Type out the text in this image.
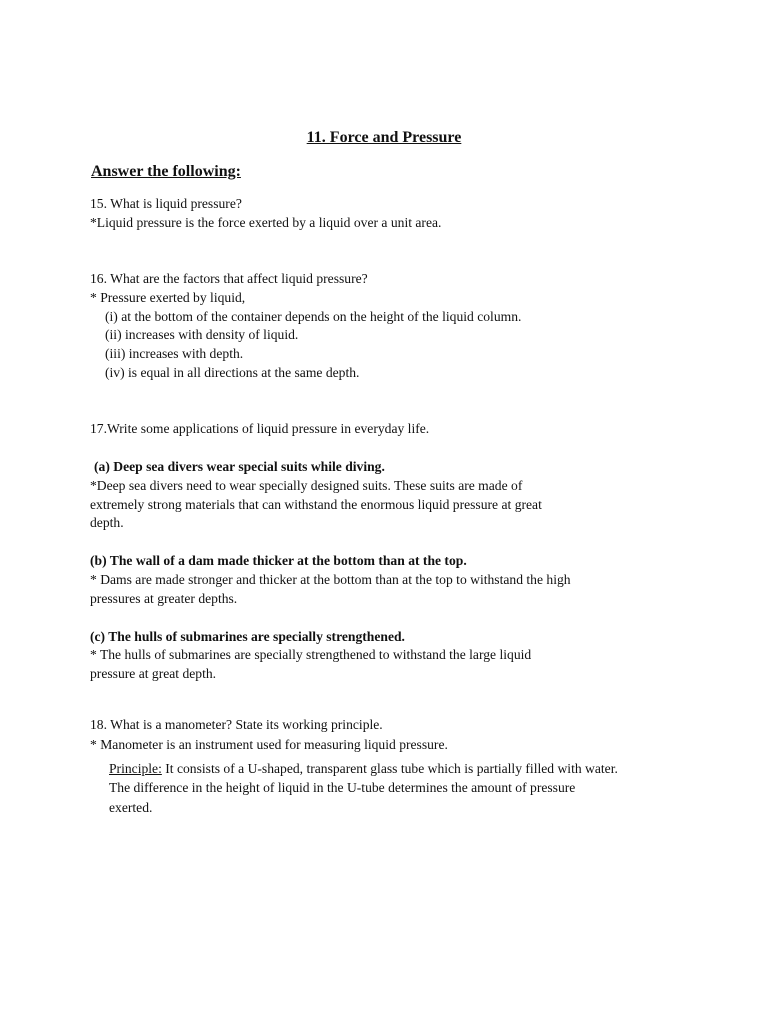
11. Force and Pressure

Answer the following:

15. What is liquid pressure?

*Liquid pressure is the force exerted by a liquid over a unit area.

16. What are the factors that affect liquid pressure?

* Pressure exerted by liquid,

(i) at the bottom of the container depends on the height of the liquid column.

(ii) increases with density of liquid.

(iii) increases with depth.

(iv) is equal in all directions at the same depth.

17.Write some applications of liquid pressure in everyday life.

(a) Deep sea divers wear special suits while diving.

*Deep sea divers need to wear specially designed suits. These suits are made of

extremely strong materials that can withstand the enormous liquid pressure at great

depth.

(b) The wall of a dam made thicker at the bottom than at the top.

* Dams are made stronger and thicker at the bottom than at the top to withstand the high

pressures at greater depths.

(c) The hulls of submarines are specially strengthened.

* The hulls of submarines are specially strengthened to withstand the large liquid

pressure at great depth.

18. What is a manometer? State its working principle.

* Manometer is an instrument used for measuring liquid pressure.

Principle: It consists of a U-shaped, transparent glass tube which is partially filled with water.

The difference in the height of liquid in the U-tube determines the amount of pressure

exerted.
